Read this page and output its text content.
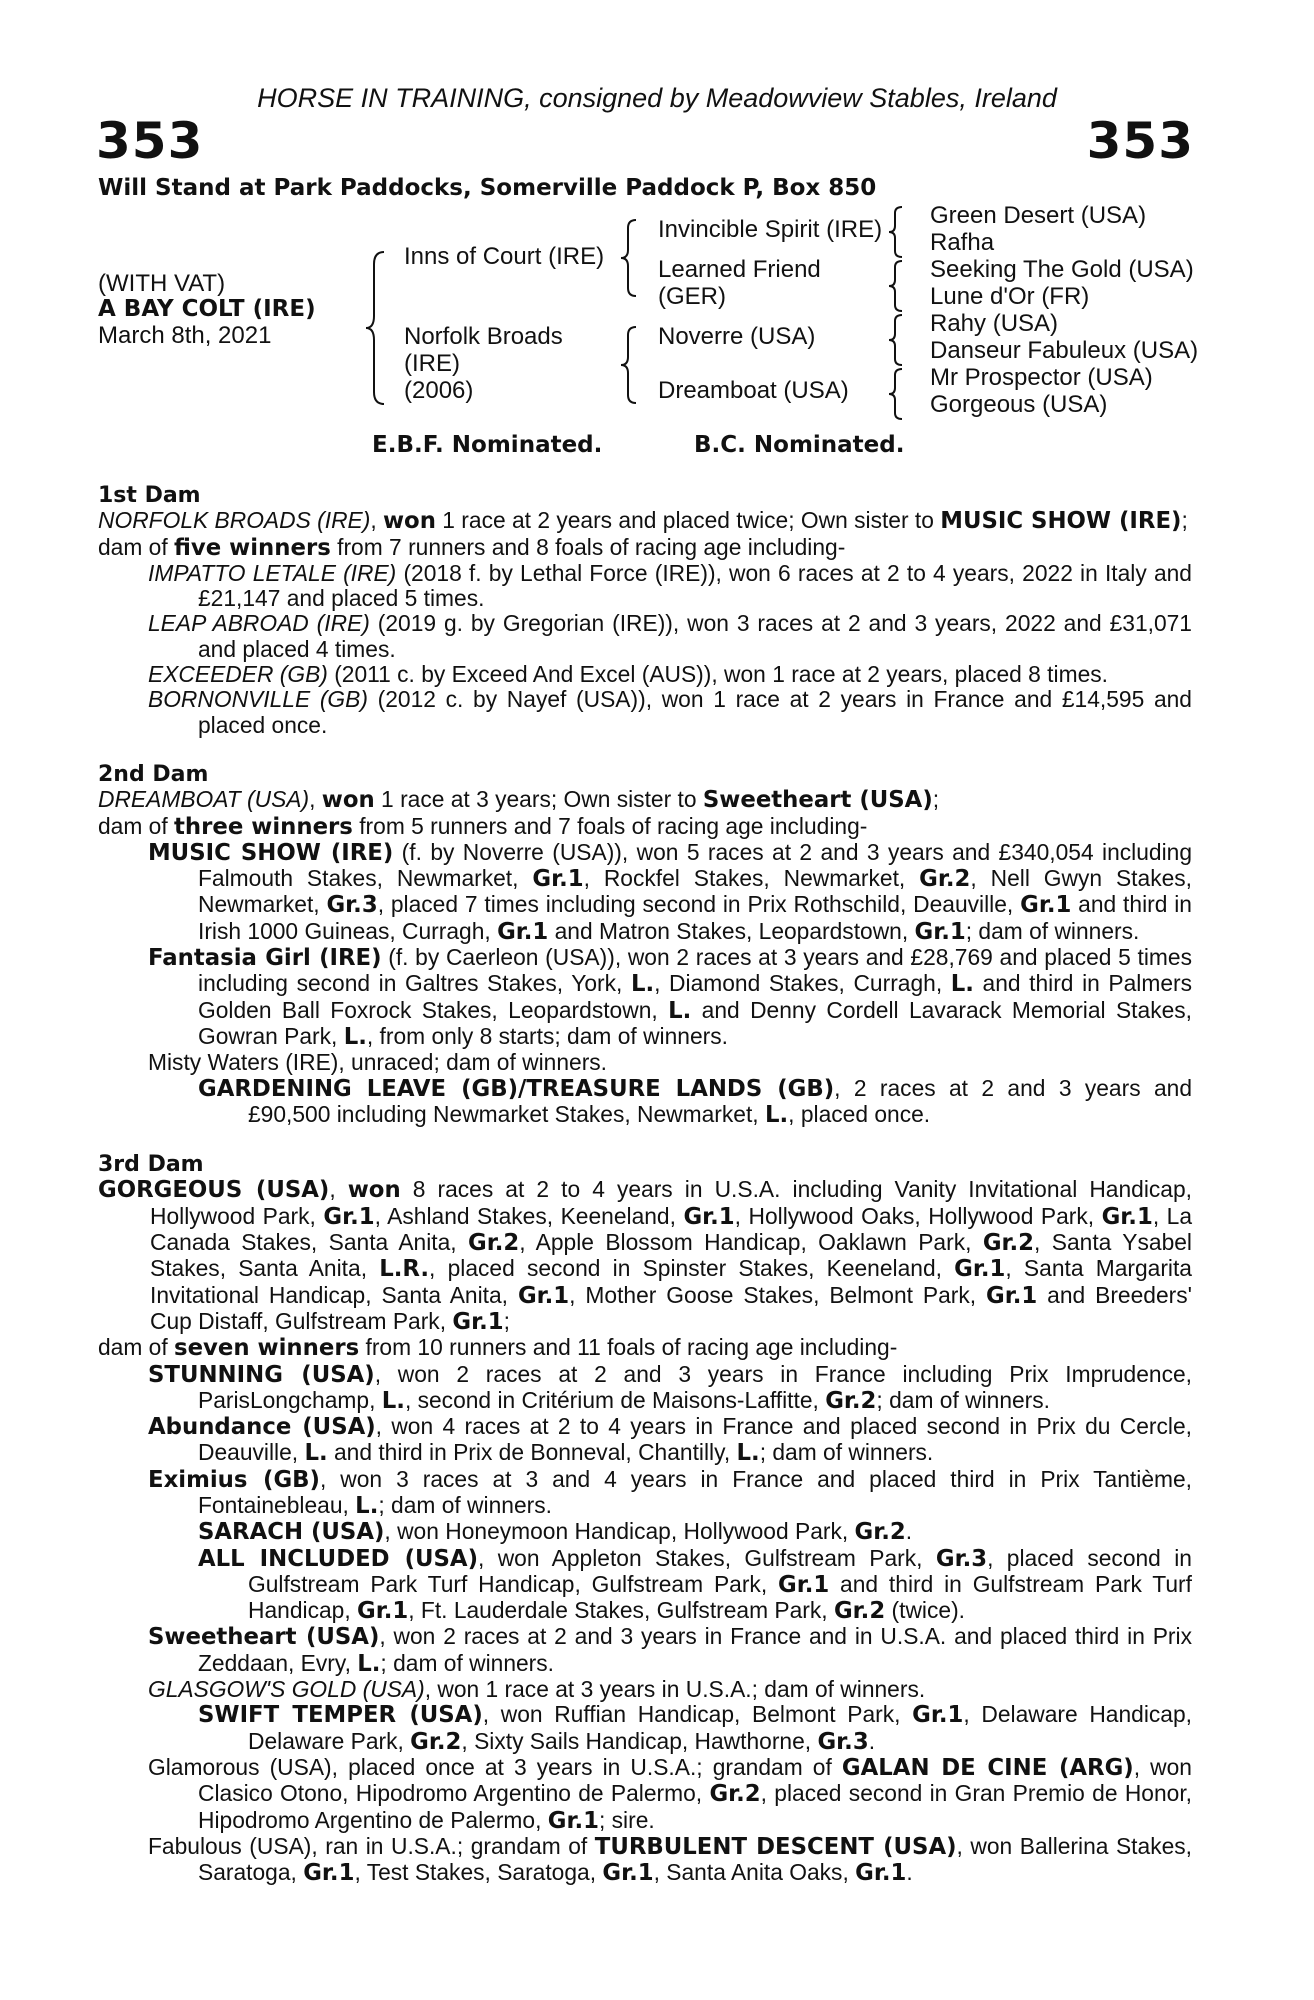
HORSE IN TRAINING, consigned by Meadowview Stables, Ireland
353	353
Will Stand at Park Paddocks, Somerville Paddock P, Box 850
(WITH VAT)
A BAY COLT (IRE)
March 8th, 2021
Inns of Court (IRE)
Norfolk Broads
(IRE)
(2006)
Invincible Spirit (IRE)
Learned Friend
(GER)
Noverre (USA)
Dreamboat (USA)
Green Desert (USA)
Rafha
Seeking The Gold (USA)
Lune d'Or (FR)
Rahy (USA)
Danseur Fabuleux (USA)
Mr Prospector (USA)
Gorgeous (USA)
E.B.F. Nominated.	B.C. Nominated.
1st Dam
NORFOLK BROADS (IRE), won 1 race at 2 years and placed twice; Own sister to MUSIC SHOW (IRE);
dam of five winners from 7 runners and 8 foals of racing age including-
IMPATTO LETALE (IRE) (2018 f. by Lethal Force (IRE)), won 6 races at 2 to 4 years, 2022 in Italy and £21,147 and placed 5 times.
LEAP ABROAD (IRE) (2019 g. by Gregorian (IRE)), won 3 races at 2 and 3 years, 2022 and £31,071 and placed 4 times.
EXCEEDER (GB) (2011 c. by Exceed And Excel (AUS)), won 1 race at 2 years, placed 8 times.
BORNONVILLE (GB) (2012 c. by Nayef (USA)), won 1 race at 2 years in France and £14,595 and placed once.
2nd Dam
DREAMBOAT (USA), won 1 race at 3 years; Own sister to Sweetheart (USA);
dam of three winners from 5 runners and 7 foals of racing age including-
MUSIC SHOW (IRE) (f. by Noverre (USA)), won 5 races at 2 and 3 years and £340,054 including Falmouth Stakes, Newmarket, Gr.1, Rockfel Stakes, Newmarket, Gr.2, Nell Gwyn Stakes, Newmarket, Gr.3, placed 7 times including second in Prix Rothschild, Deauville, Gr.1 and third in Irish 1000 Guineas, Curragh, Gr.1 and Matron Stakes, Leopardstown, Gr.1; dam of winners.
Fantasia Girl (IRE) (f. by Caerleon (USA)), won 2 races at 3 years and £28,769 and placed 5 times including second in Galtres Stakes, York, L., Diamond Stakes, Curragh, L. and third in Palmers Golden Ball Foxrock Stakes, Leopardstown, L. and Denny Cordell Lavarack Memorial Stakes, Gowran Park, L., from only 8 starts; dam of winners.
Misty Waters (IRE), unraced; dam of winners.
GARDENING LEAVE (GB)/TREASURE LANDS (GB), 2 races at 2 and 3 years and £90,500 including Newmarket Stakes, Newmarket, L., placed once.
3rd Dam
GORGEOUS (USA), won 8 races at 2 to 4 years in U.S.A. including Vanity Invitational Handicap, Hollywood Park, Gr.1, Ashland Stakes, Keeneland, Gr.1, Hollywood Oaks, Hollywood Park, Gr.1, La Canada Stakes, Santa Anita, Gr.2, Apple Blossom Handicap, Oaklawn Park, Gr.2, Santa Ysabel Stakes, Santa Anita, L.R., placed second in Spinster Stakes, Keeneland, Gr.1, Santa Margarita Invitational Handicap, Santa Anita, Gr.1, Mother Goose Stakes, Belmont Park, Gr.1 and Breeders' Cup Distaff, Gulfstream Park, Gr.1;
dam of seven winners from 10 runners and 11 foals of racing age including-
STUNNING (USA), won 2 races at 2 and 3 years in France including Prix Imprudence, ParisLongchamp, L., second in Critérium de Maisons-Laffitte, Gr.2; dam of winners.
Abundance (USA), won 4 races at 2 to 4 years in France and placed second in Prix du Cercle, Deauville, L. and third in Prix de Bonneval, Chantilly, L.; dam of winners.
Eximius (GB), won 3 races at 3 and 4 years in France and placed third in Prix Tantième, Fontainebleau, L.; dam of winners.
SARACH (USA), won Honeymoon Handicap, Hollywood Park, Gr.2.
ALL INCLUDED (USA), won Appleton Stakes, Gulfstream Park, Gr.3, placed second in Gulfstream Park Turf Handicap, Gulfstream Park, Gr.1 and third in Gulfstream Park Turf Handicap, Gr.1, Ft. Lauderdale Stakes, Gulfstream Park, Gr.2 (twice).
Sweetheart (USA), won 2 races at 2 and 3 years in France and in U.S.A. and placed third in Prix Zeddaan, Evry, L.; dam of winners.
GLASGOW'S GOLD (USA), won 1 race at 3 years in U.S.A.; dam of winners.
SWIFT TEMPER (USA), won Ruffian Handicap, Belmont Park, Gr.1, Delaware Handicap, Delaware Park, Gr.2, Sixty Sails Handicap, Hawthorne, Gr.3.
Glamorous (USA), placed once at 3 years in U.S.A.; grandam of GALAN DE CINE (ARG), won Clasico Otono, Hipodromo Argentino de Palermo, Gr.2, placed second in Gran Premio de Honor, Hipodromo Argentino de Palermo, Gr.1; sire.
Fabulous (USA), ran in U.S.A.; grandam of TURBULENT DESCENT (USA), won Ballerina Stakes, Saratoga, Gr.1, Test Stakes, Saratoga, Gr.1, Santa Anita Oaks, Gr.1.
